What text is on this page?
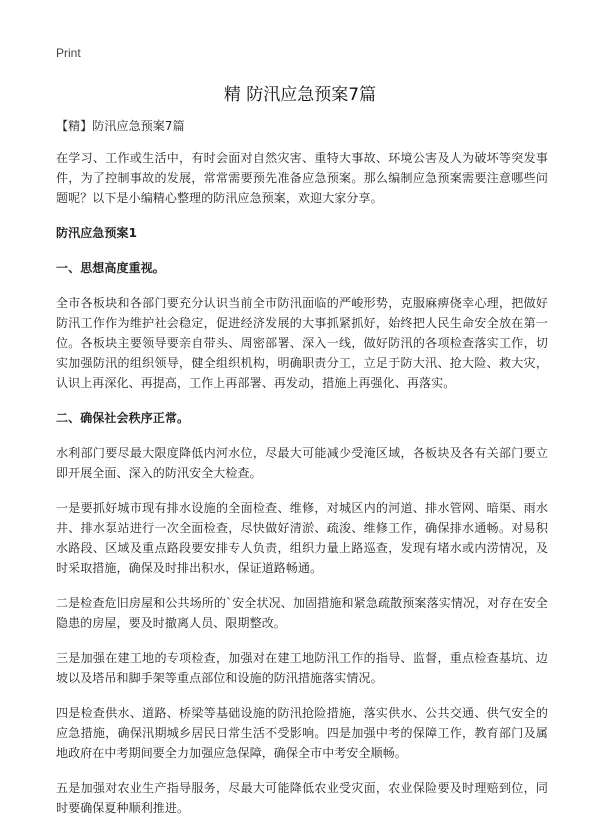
Print
精 防汛应急预案7篇

【精】防汛应急预案7篇

在学习、工作或生活中，有时会面对自然灾害、重特大事故、环境公害及人为破坏等突发事件，为了控制事故的发展，常常需要预先准备应急预案。那么编制应急预案需要注意哪些问题呢？以下是小编精心整理的防汛应急预案，欢迎大家分享。

防汛应急预案1

一、思想高度重视。

全市各板块和各部门要充分认识当前全市防汛面临的严峻形势，克服麻痹侥幸心理，把做好防汛工作作为维护社会稳定，促进经济发展的大事抓紧抓好，始终把人民生命安全放在第一位。各板块主要领导要亲自带头、周密部署、深入一线，做好防汛的各项检查落实工作，切实加强防汛的组织领导，健全组织机构，明确职责分工，立足于防大汛、抢大险、救大灾，认识上再深化、再提高，工作上再部署、再发动，措施上再强化、再落实。

二、确保社会秩序正常。

水利部门要尽最大限度降低内河水位，尽最大可能减少受淹区域，各板块及各有关部门要立即开展全面、深入的防汛安全大检查。

一是要抓好城市现有排水设施的全面检查、维修，对城区内的河道、排水管网、暗渠、雨水井、排水泵站进行一次全面检查，尽快做好清淤、疏浚、维修工作，确保排水通畅。对易积水路段、区域及重点路段要安排专人负责，组织力量上路巡查，发现有堵水或内涝情况，及时采取措施，确保及时排出积水，保证道路畅通。

二是检查危旧房屋和公共场所的`安全状况、加固措施和紧急疏散预案落实情况，对存在安全隐患的房屋，要及时撤离人员、限期整改。

三是加强在建工地的专项检查，加强对在建工地防汛工作的指导、监督，重点检查基坑、边坡以及塔吊和脚手架等重点部位和设施的防汛措施落实情况。

四是检查供水、道路、桥梁等基础设施的防汛抢险措施，落实供水、公共交通、供气安全的应急措施，确保汛期城乡居民日常生活不受影响。四是加强中考的保障工作，教育部门及属地政府在中考期间要全力加强应急保障，确保全市中考安全顺畅。

五是加强对农业生产指导服务，尽最大可能降低农业受灾面，农业保险要及时理赔到位，同时要确保夏种顺利推进。
